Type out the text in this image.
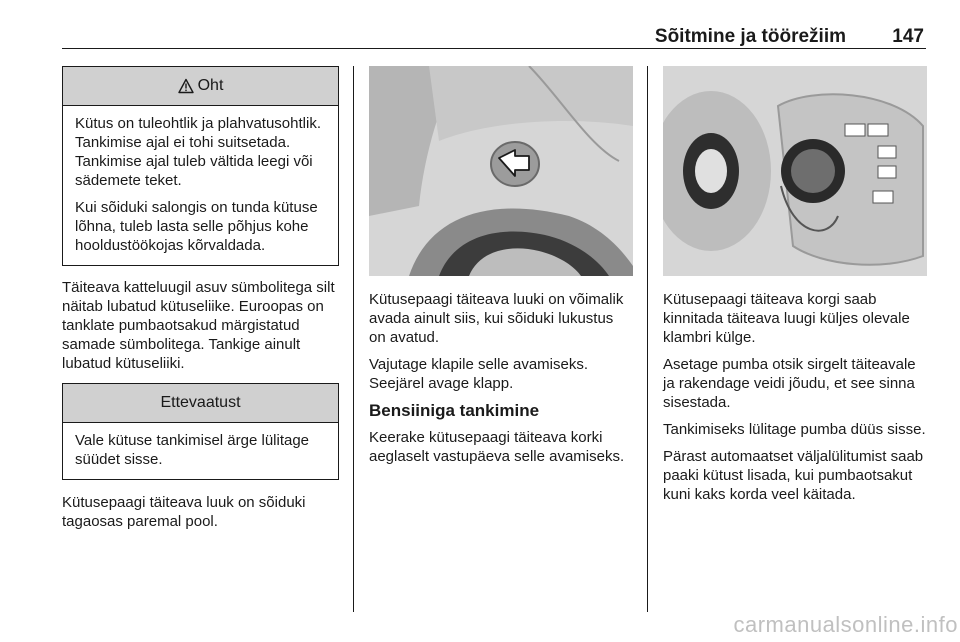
Sõitmine ja töörežiim 147
Oht

Kütus on tuleohtlik ja plahvatusohtlik. Tankimise ajal ei tohi suitsetada. Tankimise ajal tuleb vältida leegi või sädemete teket.

Kui sõiduki salongis on tunda kütuse lõhna, tuleb lasta selle põhjus kohe hooldustöökojas kõrvaldada.

Täiteava katteluugil asuv sümbolitega silt näitab lubatud kütuseliike. Euroopas on tanklate pumbaotsakud märgistatud samade sümbolitega. Tankige ainult lubatud kütuseliiki.

Ettevaatust

Vale kütuse tankimisel ärge lülitage süüdet sisse.

Kütusepaagi täiteava luuk on sõiduki tagaosas paremal pool.

Kütusepaagi täiteava luuki on võimalik avada ainult siis, kui sõiduki lukustus on avatud.

Vajutage klapile selle avamiseks. Seejärel avage klapp.

Bensiiniga tankimine

Keerake kütusepaagi täiteava korki aeglaselt vastupäeva selle avamiseks.

Kütusepaagi täiteava korgi saab kinnitada täiteava luugi küljes olevale klambri külge.

Asetage pumba otsik sirgelt täiteavale ja rakendage veidi jõudu, et see sinna sisestada.

Tankimiseks lülitage pumba düüs sisse.

Pärast automaatset väljalülitumist saab paaki kütust lisada, kui pumbaotsakut kuni kaks korda veel käitada.

carmanualsonline.info
